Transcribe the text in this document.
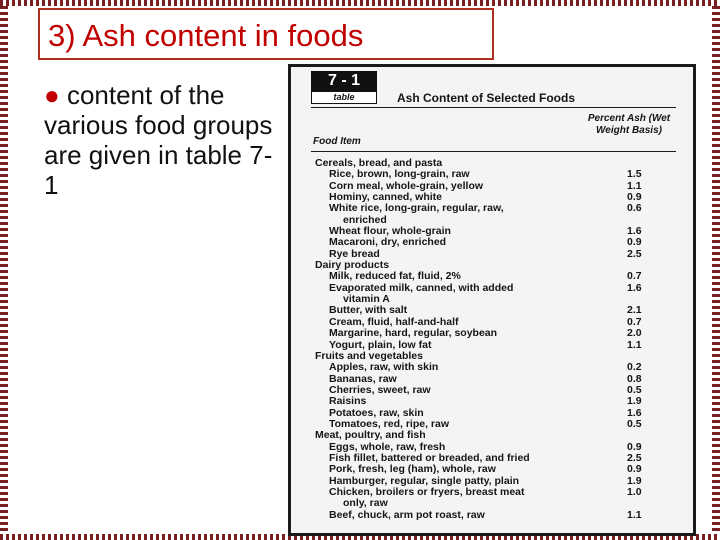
3) Ash content in foods
● content of the various food groups are given in table 7-1
7 - 1
table	Ash Content of Selected Foods
Food Item
Percent Ash (Wet Weight Basis)
Cereals, bread, and pasta
Rice, brown, long-grain, raw	1.5
Corn meal, whole-grain, yellow	1.1
Hominy, canned, white	0.9
White rice, long-grain, regular, raw,	0.6
enriched
Wheat flour, whole-grain	1.6
Macaroni, dry, enriched	0.9
Rye bread	2.5
Dairy products
Milk, reduced fat, fluid, 2%	0.7
Evaporated milk, canned, with added	1.6
vitamin A
Butter, with salt	2.1
Cream, fluid, half-and-half	0.7
Margarine, hard, regular, soybean	2.0
Yogurt, plain, low fat	1.1
Fruits and vegetables
Apples, raw, with skin	0.2
Bananas, raw	0.8
Cherries, sweet, raw	0.5
Raisins	1.9
Potatoes, raw, skin	1.6
Tomatoes, red, ripe, raw	0.5
Meat, poultry, and fish
Eggs, whole, raw, fresh	0.9
Fish fillet, battered or breaded, and fried	2.5
Pork, fresh, leg (ham), whole, raw	0.9
Hamburger, regular, single patty, plain	1.9
Chicken, broilers or fryers, breast meat	1.0
only, raw
Beef, chuck, arm pot roast, raw	1.1
